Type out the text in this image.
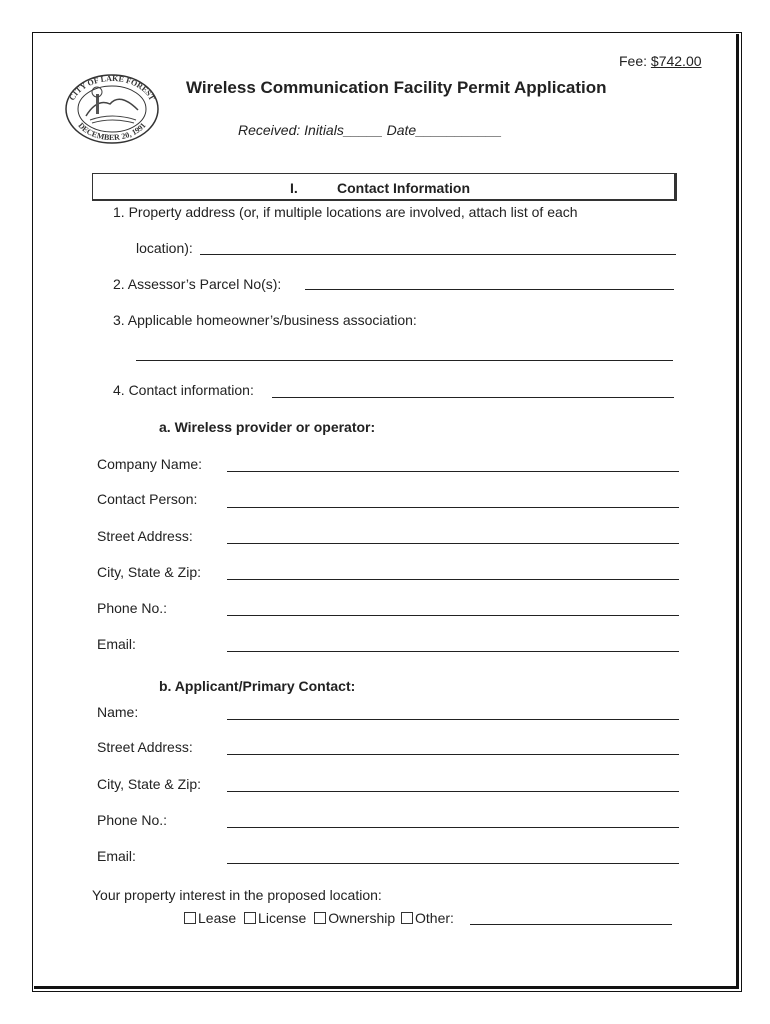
Fee: $742.00
CITY OF LAKE FOREST
DECEMBER 20, 1991
Wireless Communication Facility Permit Application
Received: Initials_____ Date___________
I.	Contact Information
1. Property address (or, if multiple locations are involved, attach list of each
location):
2. Assessor’s Parcel No(s):
3. Applicable homeowner’s/business association:
4. Contact information:
a. Wireless provider or operator:
Company Name:
Contact Person:
Street Address:
City, State & Zip:
Phone No.:
Email:
b. Applicant/Primary Contact:
Name:
Street Address:
City, State & Zip:
Phone No.:
Email:
Your property interest in the proposed location:
Lease License Ownership Other:
